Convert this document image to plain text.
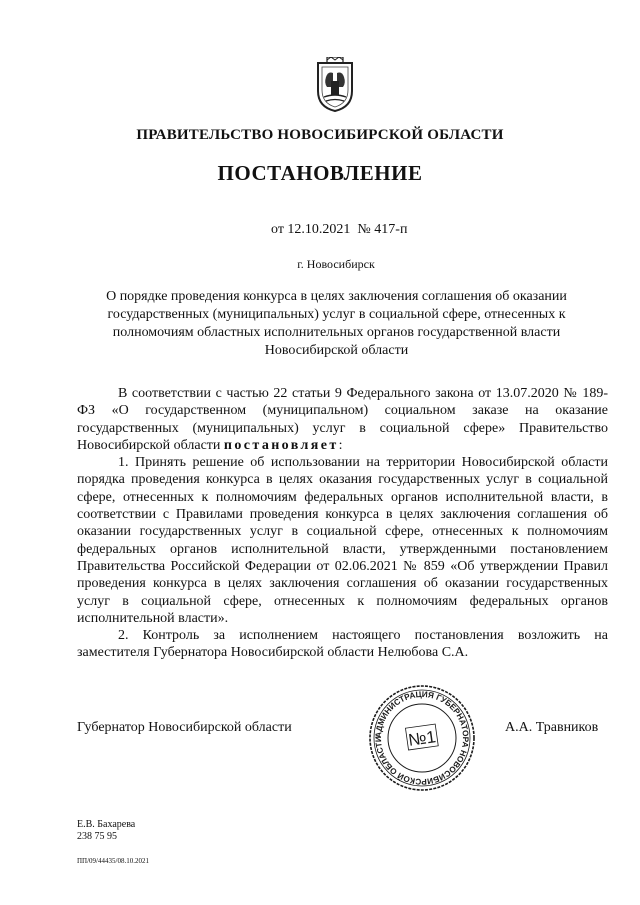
ПРАВИТЕЛЬСТВО НОВОСИБИРСКОЙ ОБЛАСТИ
ПОСТАНОВЛЕНИЕ
от 12.10.2021  № 417-п
г. Новосибирск
О порядке проведения конкурса в целях заключения соглашения об оказании государственных (муниципальных) услуг в социальной сфере, отнесенных к полномочиям областных исполнительных органов государственной власти Новосибирской области

В соответствии с частью 22 статьи 9 Федерального закона от 13.07.2020 № 189-ФЗ «О государственном (муниципальном) социальном заказе на оказание государственных (муниципальных) услуг в социальной сфере» Правительство Новосибирской области постановляет:

1. Принять решение об использовании на территории Новосибирской области порядка проведения конкурса в целях оказания государственных услуг в социальной сфере, отнесенных к полномочиям федеральных органов исполнительной власти, в соответствии с Правилами проведения конкурса в целях заключения соглашения об оказании государственных услуг в социальной сфере, отнесенных к полномочиям федеральных органов исполнительной власти, утвержденными постановлением Правительства Российской Федерации от 02.06.2021 № 859 «Об утверждении Правил проведения конкурса в целях заключения соглашения об оказании государственных услуг в социальной сфере, отнесенных к полномочиям федеральных органов исполнительной власти».

2. Контроль за исполнением настоящего постановления возложить на заместителя Губернатора Новосибирской области Нелюбова С.А.

Губернатор Новосибирской области	АДМИНИСТРАЦИЯ ГУБЕРНАТОРА НОВОСИБИРСКОЙ ОБЛАСТИ	№1	А.А. Травников
Е.В. Бахарева
238 75 95
ПП/09/44435/08.10.2021
